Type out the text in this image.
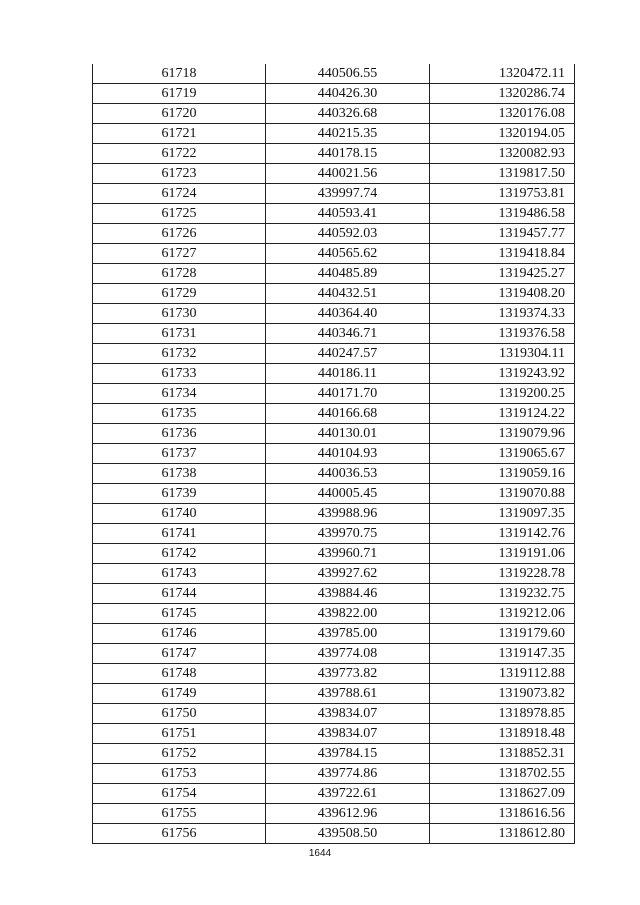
61718	440506.55	1320472.11
61719	440426.30	1320286.74
61720	440326.68	1320176.08
61721	440215.35	1320194.05
61722	440178.15	1320082.93
61723	440021.56	1319817.50
61724	439997.74	1319753.81
61725	440593.41	1319486.58
61726	440592.03	1319457.77
61727	440565.62	1319418.84
61728	440485.89	1319425.27
61729	440432.51	1319408.20
61730	440364.40	1319374.33
61731	440346.71	1319376.58
61732	440247.57	1319304.11
61733	440186.11	1319243.92
61734	440171.70	1319200.25
61735	440166.68	1319124.22
61736	440130.01	1319079.96
61737	440104.93	1319065.67
61738	440036.53	1319059.16
61739	440005.45	1319070.88
61740	439988.96	1319097.35
61741	439970.75	1319142.76
61742	439960.71	1319191.06
61743	439927.62	1319228.78
61744	439884.46	1319232.75
61745	439822.00	1319212.06
61746	439785.00	1319179.60
61747	439774.08	1319147.35
61748	439773.82	1319112.88
61749	439788.61	1319073.82
61750	439834.07	1318978.85
61751	439834.07	1318918.48
61752	439784.15	1318852.31
61753	439774.86	1318702.55
61754	439722.61	1318627.09
61755	439612.96	1318616.56
61756	439508.50	1318612.80
1644
